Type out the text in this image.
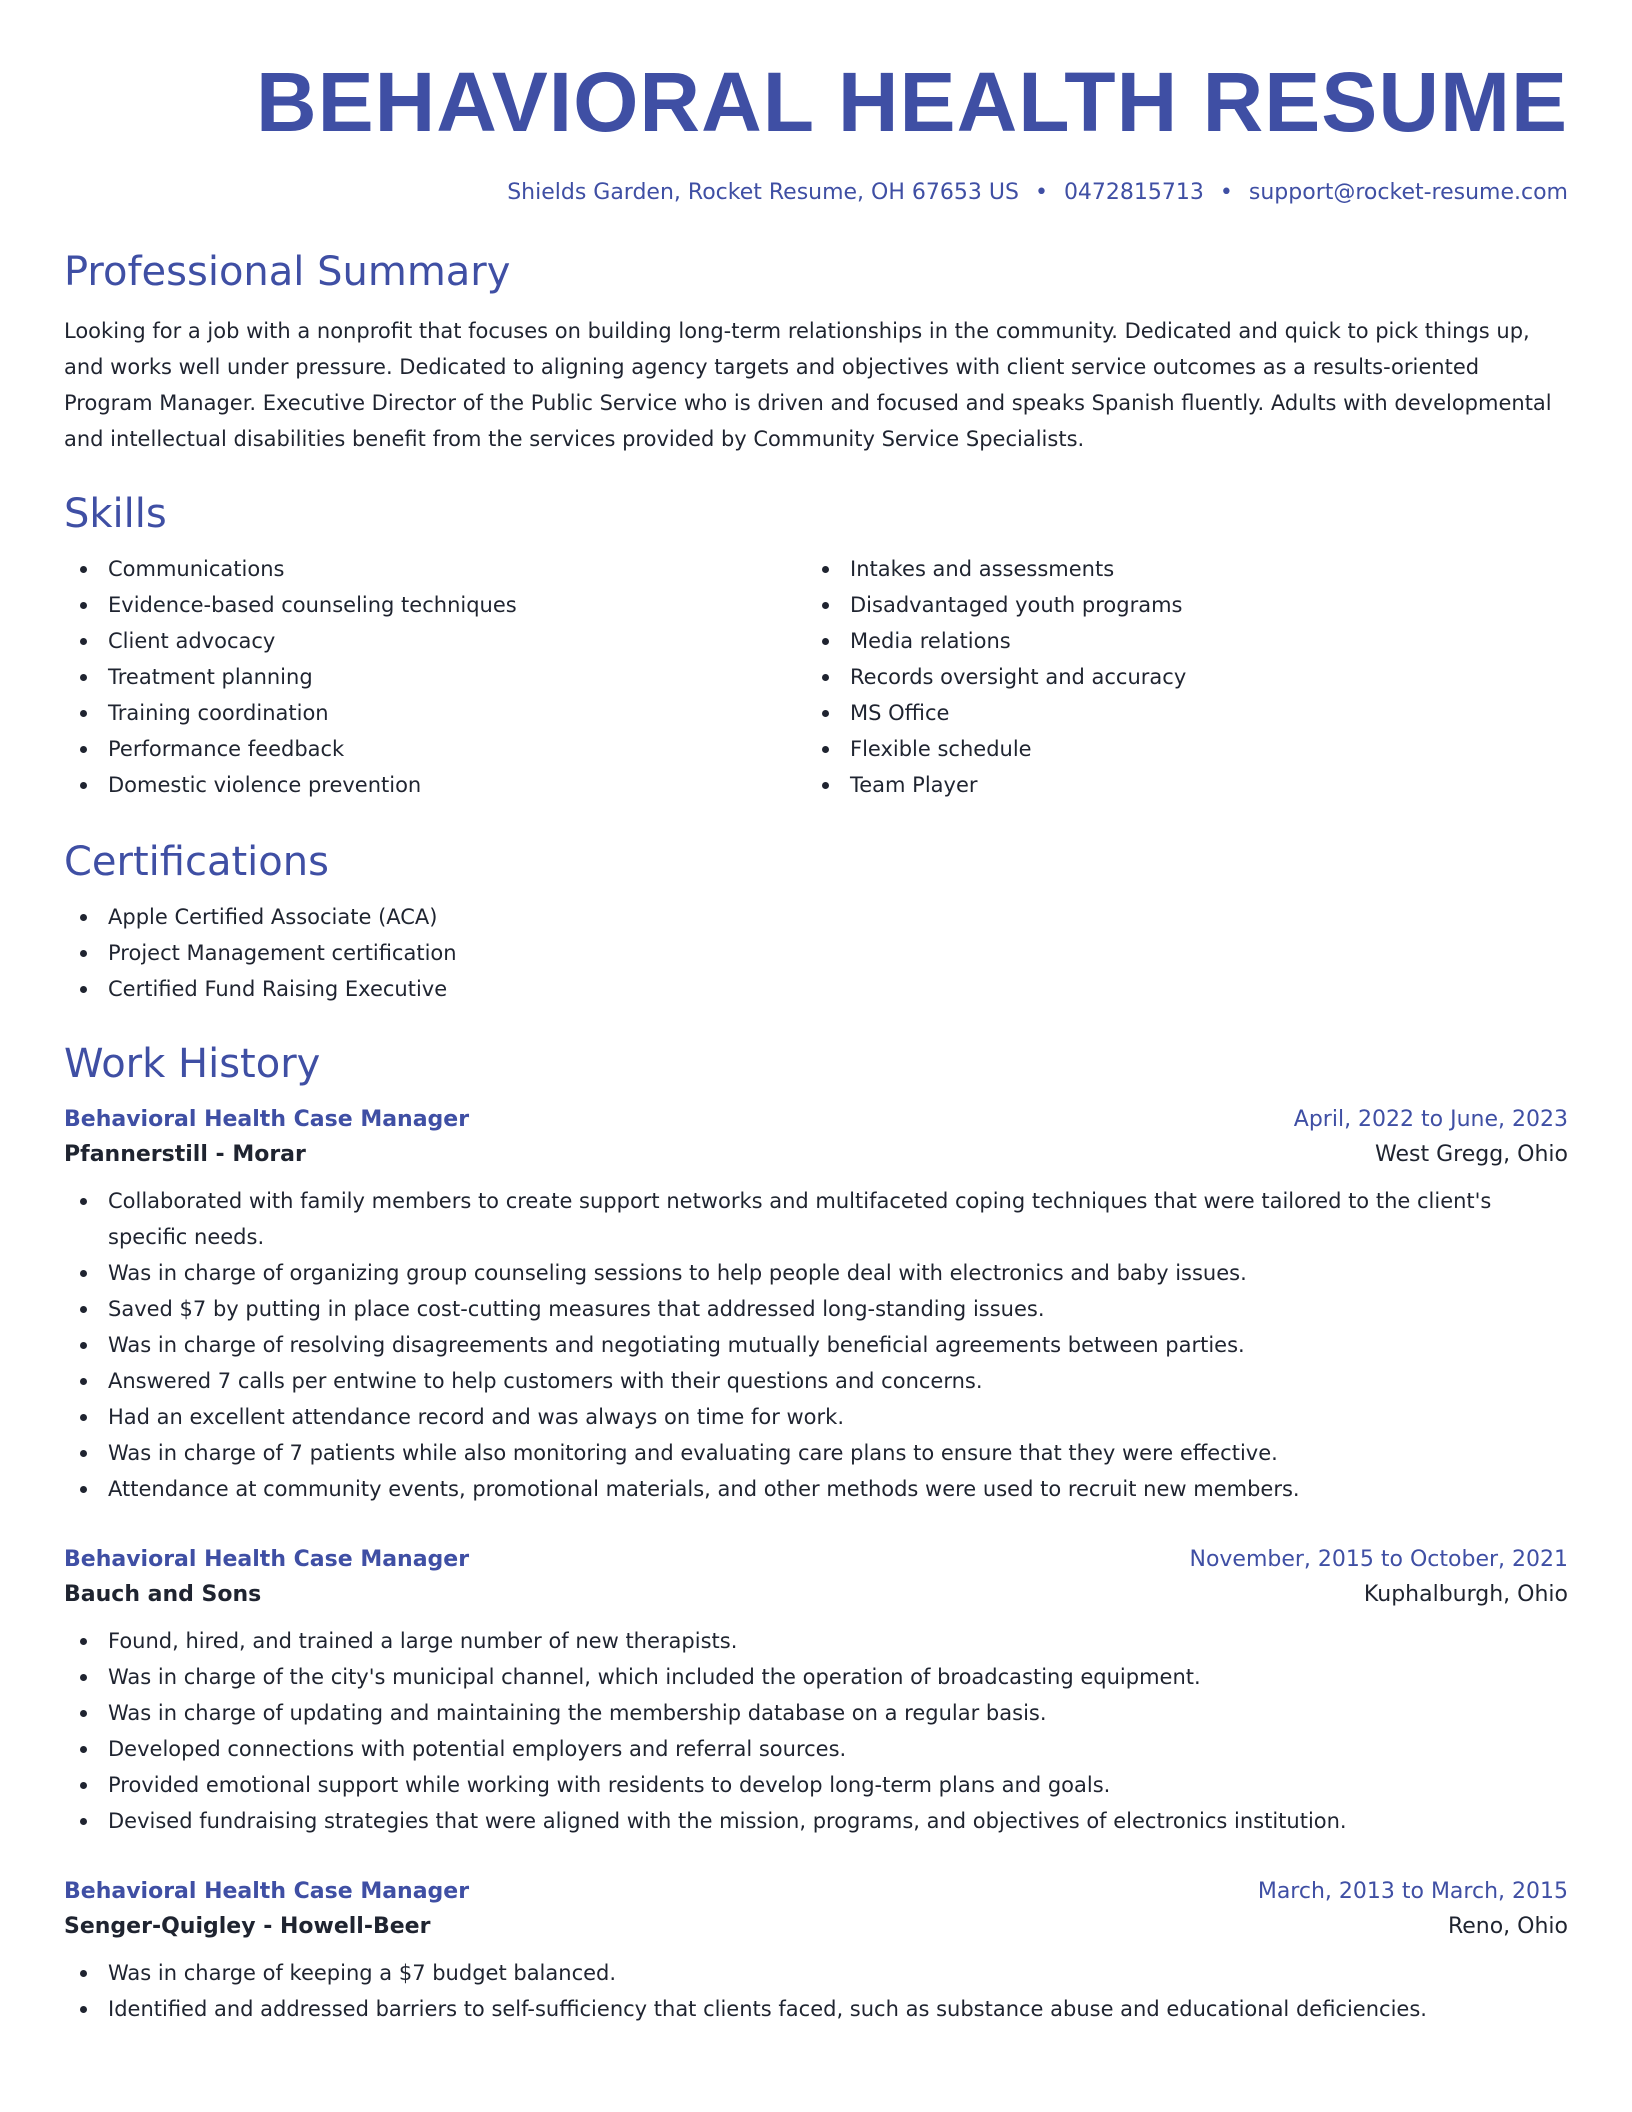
BEHAVIORAL HEALTH RESUME
Shields Garden, Rocket Resume, OH 67653 US • 0472815713 • support@rocket-resume.com
Professional Summary

Looking for a job with a nonprofit that focuses on building long-term relationships in the community. Dedicated and quick to pick things up, and works well under pressure. Dedicated to aligning agency targets and objectives with client service outcomes as a results-oriented Program Manager. Executive Director of the Public Service who is driven and focused and speaks Spanish fluently. Adults with developmental and intellectual disabilities benefit from the services provided by Community Service Specialists.

Skills
Communications
Evidence-based counseling techniques
Client advocacy
Treatment planning
Training coordination
Performance feedback
Domestic violence prevention
Intakes and assessments
Disadvantaged youth programs
Media relations
Records oversight and accuracy
MS Office
Flexible schedule
Team Player
Certifications
Apple Certified Associate (ACA)
Project Management certification
Certified Fund Raising Executive
Work History
Behavioral Health Case Manager	April, 2022 to June, 2023
Pfannerstill - Morar	West Gregg, Ohio
Collaborated with family members to create support networks and multifaceted coping techniques that were tailored to the client's specific needs.
Was in charge of organizing group counseling sessions to help people deal with electronics and baby issues.
Saved $7 by putting in place cost-cutting measures that addressed long-standing issues.
Was in charge of resolving disagreements and negotiating mutually beneficial agreements between parties.
Answered 7 calls per entwine to help customers with their questions and concerns.
Had an excellent attendance record and was always on time for work.
Was in charge of 7 patients while also monitoring and evaluating care plans to ensure that they were effective.
Attendance at community events, promotional materials, and other methods were used to recruit new members.
Behavioral Health Case Manager	November, 2015 to October, 2021
Bauch and Sons	Kuphalburgh, Ohio
Found, hired, and trained a large number of new therapists.
Was in charge of the city's municipal channel, which included the operation of broadcasting equipment.
Was in charge of updating and maintaining the membership database on a regular basis.
Developed connections with potential employers and referral sources.
Provided emotional support while working with residents to develop long-term plans and goals.
Devised fundraising strategies that were aligned with the mission, programs, and objectives of electronics institution.
Behavioral Health Case Manager	March, 2013 to March, 2015
Senger-Quigley - Howell-Beer	Reno, Ohio
Was in charge of keeping a $7 budget balanced.
Identified and addressed barriers to self-sufficiency that clients faced, such as substance abuse and educational deficiencies.
